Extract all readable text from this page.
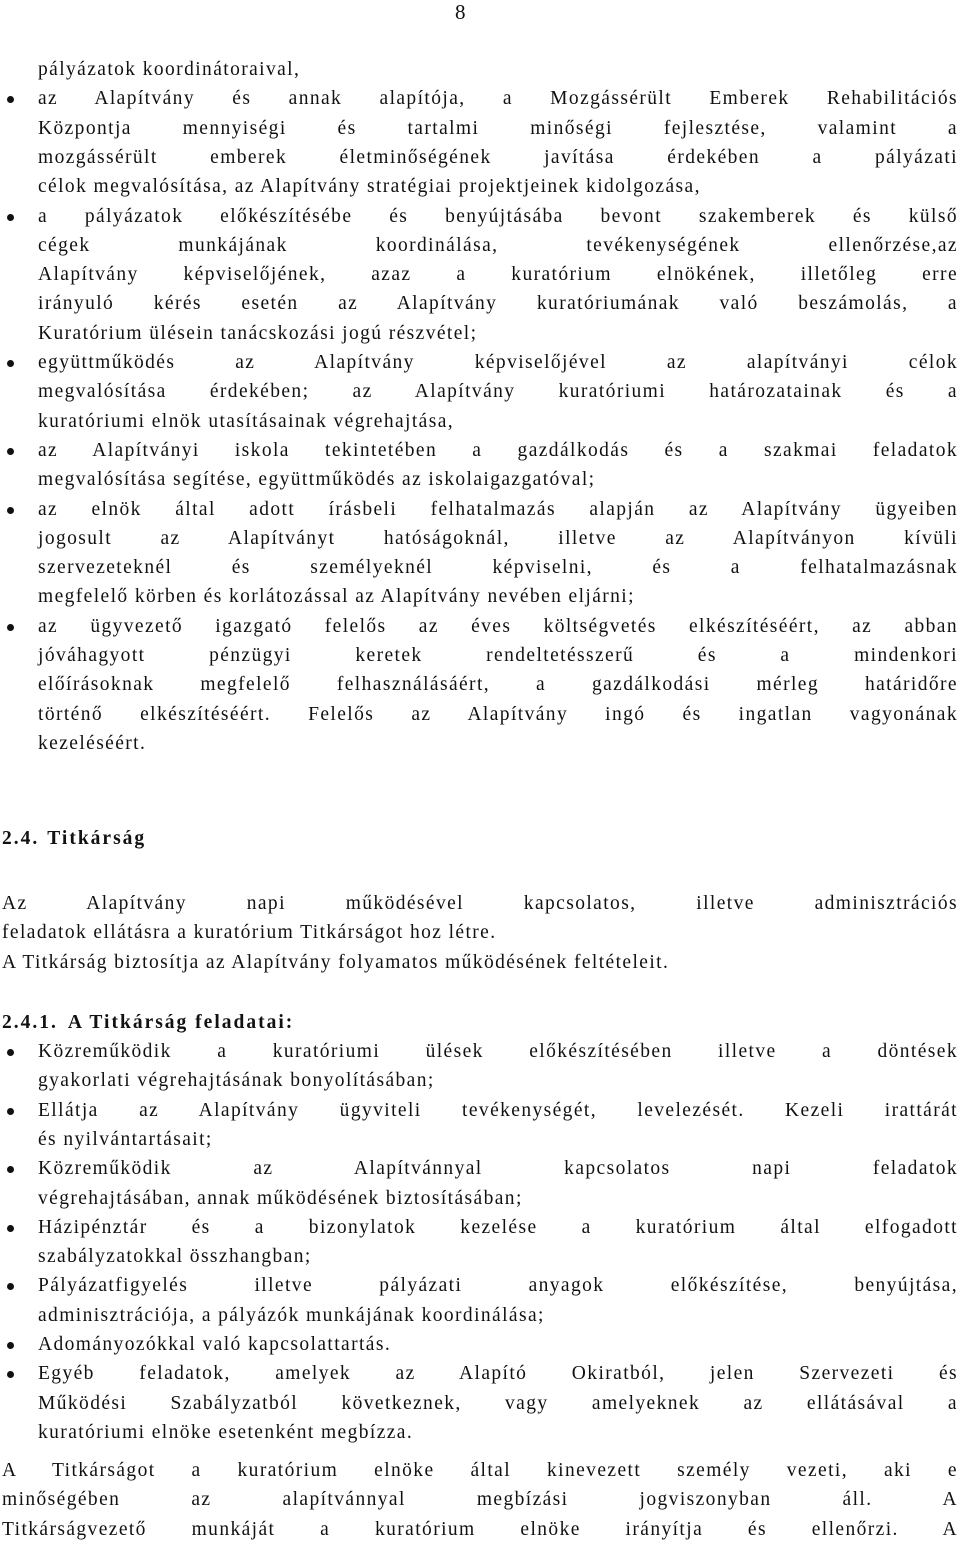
8
pályázatok koordinátoraival,
az Alapítvány és annak alapítója, a Mozgássérült Emberek Rehabilitációs
Központja mennyiségi és tartalmi minőségi fejlesztése, valamint a
mozgássérült emberek életminőségének javítása érdekében a pályázati
célok megvalósítása, az Alapítvány stratégiai projektjeinek kidolgozása,
a pályázatok előkészítésébe és benyújtásába bevont szakemberek és külső
cégek munkájának koordinálása, tevékenységének ellenőrzése,az
Alapítvány képviselőjének, azaz a kuratórium elnökének, illetőleg erre
irányuló kérés esetén az Alapítvány kuratóriumának való beszámolás, a
Kuratórium ülésein tanácskozási jogú részvétel;
együttműködés az Alapítvány képviselőjével az alapítványi célok
megvalósítása érdekében; az Alapítvány kuratóriumi határozatainak és a
kuratóriumi elnök utasításainak végrehajtása,
az Alapítványi iskola tekintetében a gazdálkodás és a szakmai feladatok
megvalósítása segítése, együttműködés az iskolaigazgatóval;
az elnök által adott írásbeli felhatalmazás alapján az Alapítvány ügyeiben
jogosult az Alapítványt hatóságoknál, illetve az Alapítványon kívüli
szervezeteknél és személyeknél képviselni, és a felhatalmazásnak
megfelelő körben és korlátozással az Alapítvány nevében eljárni;
az ügyvezető igazgató felelős az éves költségvetés elkészítéséért, az abban
jóváhagyott pénzügyi keretek rendeltetésszerű és a mindenkori
előírásoknak megfelelő felhasználásáért, a gazdálkodási mérleg határidőre
történő elkészítéséért. Felelős az Alapítvány ingó és ingatlan vagyonának
kezeléséért.
2.4. Titkárság
Az Alapítvány napi működésével kapcsolatos, illetve adminisztrációs
feladatok ellátásra a kuratórium Titkárságot hoz létre.
A Titkárság biztosítja az Alapítvány folyamatos működésének feltételeit.
2.4.1. A Titkárság feladatai:
Közreműködik a kuratóriumi ülések előkészítésében illetve a döntések
gyakorlati végrehajtásának bonyolításában;
Ellátja az Alapítvány ügyviteli tevékenységét, levelezését. Kezeli irattárát
és nyilvántartásait;
Közreműködik az Alapítvánnyal kapcsolatos napi feladatok
végrehajtásában, annak működésének biztosításában;
Házipénztár és a bizonylatok kezelése a kuratórium által elfogadott
szabályzatokkal összhangban;
Pályázatfigyelés illetve pályázati anyagok előkészítése, benyújtása,
adminisztrációja, a pályázók munkájának koordinálása;
Adományozókkal való kapcsolattartás.
Egyéb feladatok, amelyek az Alapító Okiratból, jelen Szervezeti és
Működési Szabályzatból következnek, vagy amelyeknek az ellátásával a
kuratóriumi elnöke esetenként megbízza.
A Titkárságot a kuratórium elnöke által kinevezett személy vezeti, aki e
minőségében az alapítvánnyal megbízási jogviszonyban áll. A
Titkárságvezető munkáját a kuratórium elnöke irányítja és ellenőrzi. A
